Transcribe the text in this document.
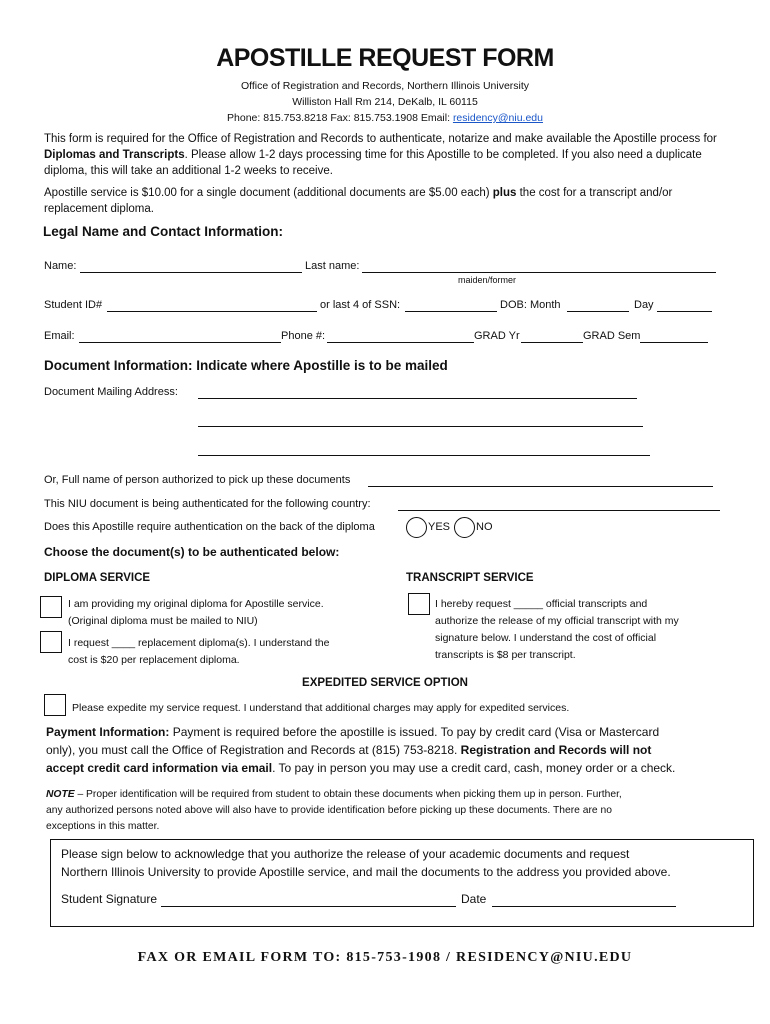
APOSTILLE REQUEST FORM
Office of Registration and Records, Northern Illinois University
Williston Hall Rm 214, DeKalb, IL 60115
Phone: 815.753.8218 Fax: 815.753.1908 Email: residency@niu.edu
This form is required for the Office of Registration and Records to authenticate, notarize and make available the Apostille process for
Diplomas and Transcripts. Please allow 1-2 days processing time for this Apostille to be completed. If you also need a duplicate
diploma, this will take an additional 1-2 weeks to receive.
Apostille service is $10.00 for a single document (additional documents are $5.00 each) plus the cost for a transcript and/or
replacement diploma.
Legal Name and Contact Information:
Name:	Last name:
maiden/former
Student ID#	or last 4 of SSN:	DOB: Month	Day
Email:	Phone #:	GRAD Yr	GRAD Sem
Document Information: Indicate where Apostille is to be mailed
Document Mailing Address:
Or, Full name of person authorized to pick up these documents
This NIU document is being authenticated for the following country:
Does this Apostille require authentication on the back of the diploma	YES NO
Choose the document(s) to be authenticated below:
DIPLOMA SERVICE
I am providing my original diploma for Apostille service.
(Original diploma must be mailed to NIU)
I request ____ replacement diploma(s). I understand the
cost is $20 per replacement diploma.
TRANSCRIPT SERVICE
I hereby request _____ official transcripts and
authorize the release of my official transcript with my
signature below. I understand the cost of official
transcripts is $8 per transcript.
EXPEDITED SERVICE OPTION
Please expedite my service request. I understand that additional charges may apply for expedited services.
Payment Information: Payment is required before the apostille is issued. To pay by credit card (Visa or Mastercard
only), you must call the Office of Registration and Records at (815) 753-8218. Registration and Records will not
accept credit card information via email. To pay in person you may use a credit card, cash, money order or a check.
NOTE – Proper identification will be required from student to obtain these documents when picking them up in person. Further,
any authorized persons noted above will also have to provide identification before picking up these documents. There are no
exceptions in this matter.
Please sign below to acknowledge that you authorize the release of your academic documents and request
Northern Illinois University to provide Apostille service, and mail the documents to the address you provided above.
Student Signature	Date
FAX OR EMAIL FORM TO: 815-753-1908 / RESIDENCY@NIU.EDU
